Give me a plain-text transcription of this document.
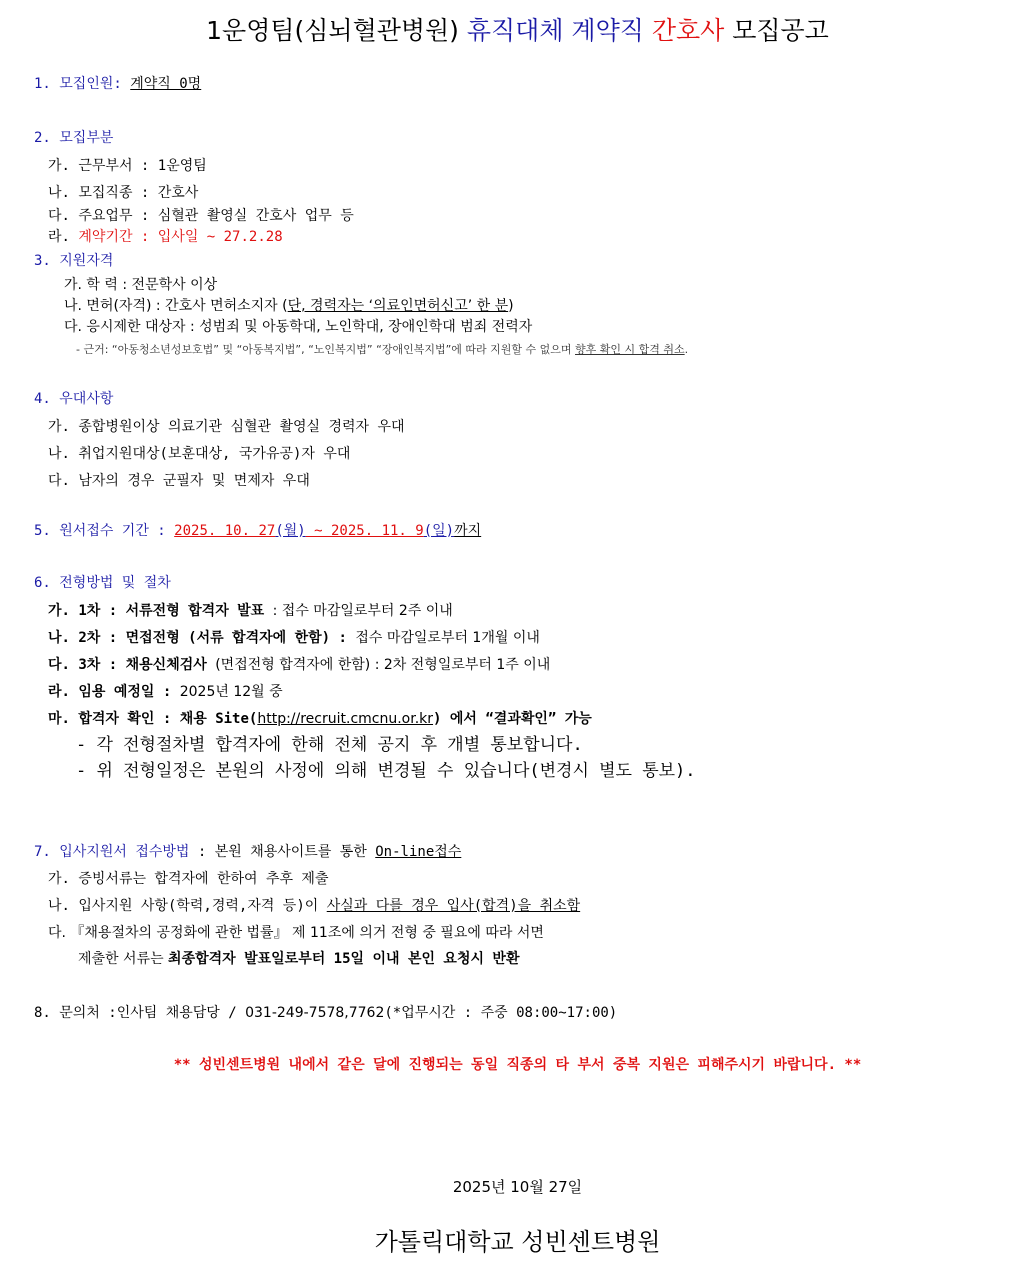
1운영팀(심뇌혈관병원) 휴직대체 계약직 간호사 모집공고
1. 모집인원: 계약직 0명
2. 모집부분
가. 근무부서 : 1운영팀
나. 모집직종 : 간호사
다. 주요업무 : 심혈관 촬영실 간호사 업무 등
라. 계약기간 : 입사일 ~ 27.2.28
3. 지원자격
가. 학 력 : 전문학사 이상
나. 면허(자격) : 간호사 면허소지자 (단, 경력자는 ‘의료인면허신고’ 한 분)
다. 응시제한 대상자 : 성범죄 및 아동학대, 노인학대, 장애인학대 범죄 전력자
- 근거: “아동청소년성보호법” 및 “아동복지법”, “노인복지법” “장애인복지법”에 따라 지원할 수 없으며 향후 확인 시 합격 취소.
4. 우대사항
가. 종합병원이상 의료기관 심혈관 촬영실 경력자 우대
나. 취업지원대상(보훈대상, 국가유공)자 우대
다. 남자의 경우 군필자 및 면제자 우대
5. 원서접수 기간 : 2025. 10. 27(월) ~ 2025. 11. 9(일)까지
6. 전형방법 및 절차
가. 1차 : 서류전형 합격자 발표 : 접수 마감일로부터 2주 이내
나. 2차 : 면접전형 (서류 합격자에 한함) : 접수 마감일로부터 1개월 이내
다. 3차 : 채용신체검사 (면접전형 합격자에 한함) : 2차 전형일로부터 1주 이내
라. 임용 예정일 : 2025년 12월 중
마. 합격자 확인 : 채용 Site(http://recruit.cmcnu.or.kr) 에서 “결과확인” 가능
- 각 전형절차별 합격자에 한해 전체 공지 후 개별 통보합니다.
- 위 전형일정은 본원의 사정에 의해 변경될 수 있습니다(변경시 별도 통보).
7. 입사지원서 접수방법 : 본원 채용사이트를 통한 On-line접수
가. 증빙서류는 합격자에 한하여 추후 제출
나. 입사지원 사항(학력,경력,자격 등)이 사실과 다를 경우 입사(합격)을 취소함
다. 『채용절차의 공정화에 관한 법률』 제 11조에 의거 전형 중 필요에 따라 서면
제출한 서류는 최종합격자 발표일로부터 15일 이내 본인 요청시 반환
8. 문의처 :인사팀 채용담당 / 031-249-7578,7762(*업무시간 : 주중 08:00~17:00)
** 성빈센트병원 내에서 같은 달에 진행되는 동일 직종의 타 부서 중복 지원은 피해주시기 바랍니다. **
2025년 10월 27일
가톨릭대학교 성빈센트병원
